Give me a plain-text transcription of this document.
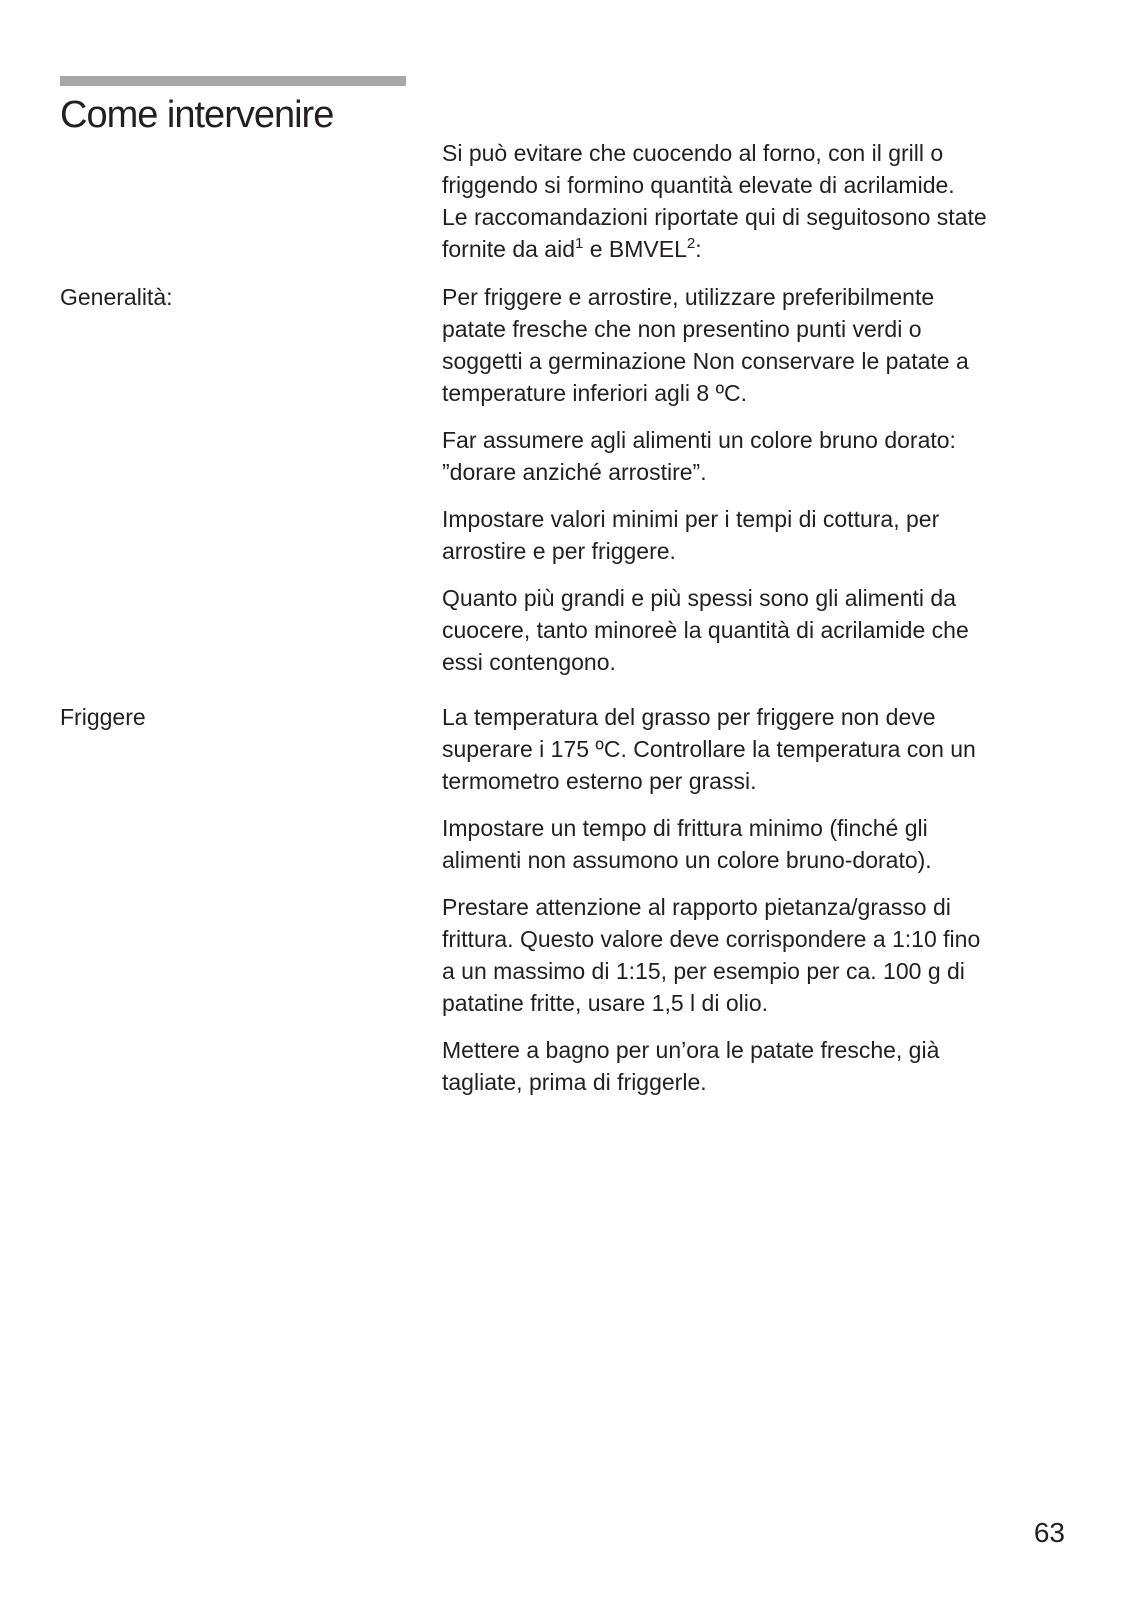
Come intervenire

Si può evitare che cuocendo al forno, con il grill o
friggendo si formino quantità elevate di acrilamide.
Le raccomandazioni riportate qui di seguitosono state
fornite da aid$^1$ e BMVEL$^2$:

Generalità:	Per friggere e arrostire, utilizzare preferibilmente
patate fresche che non presentino punti verdi o
soggetti a germinazione Non conservare le patate a
temperature inferiori agli 8 ºC.

Far assumere agli alimenti un colore bruno dorato:
”dorare anziché arrostire”.

Impostare valori minimi per i tempi di cottura, per
arrostire e per friggere.

Quanto più grandi e più spessi sono gli alimenti da
cuocere, tanto minoreè la quantità di acrilamide che
essi contengono.

Friggere	La temperatura del grasso per friggere non deve
superare i 175 ºC. Controllare la temperatura con un
termometro esterno per grassi.

Impostare un tempo di frittura minimo (finché gli
alimenti non assumono un colore bruno-dorato).

Prestare attenzione al rapporto pietanza/grasso di
frittura. Questo valore deve corrispondere a 1:10 fino
a un massimo di 1:15, per esempio per ca. 100 g di
patatine fritte, usare 1,5 l di olio.

Mettere a bagno per un’ora le patate fresche, già
tagliate, prima di friggerle.

63
